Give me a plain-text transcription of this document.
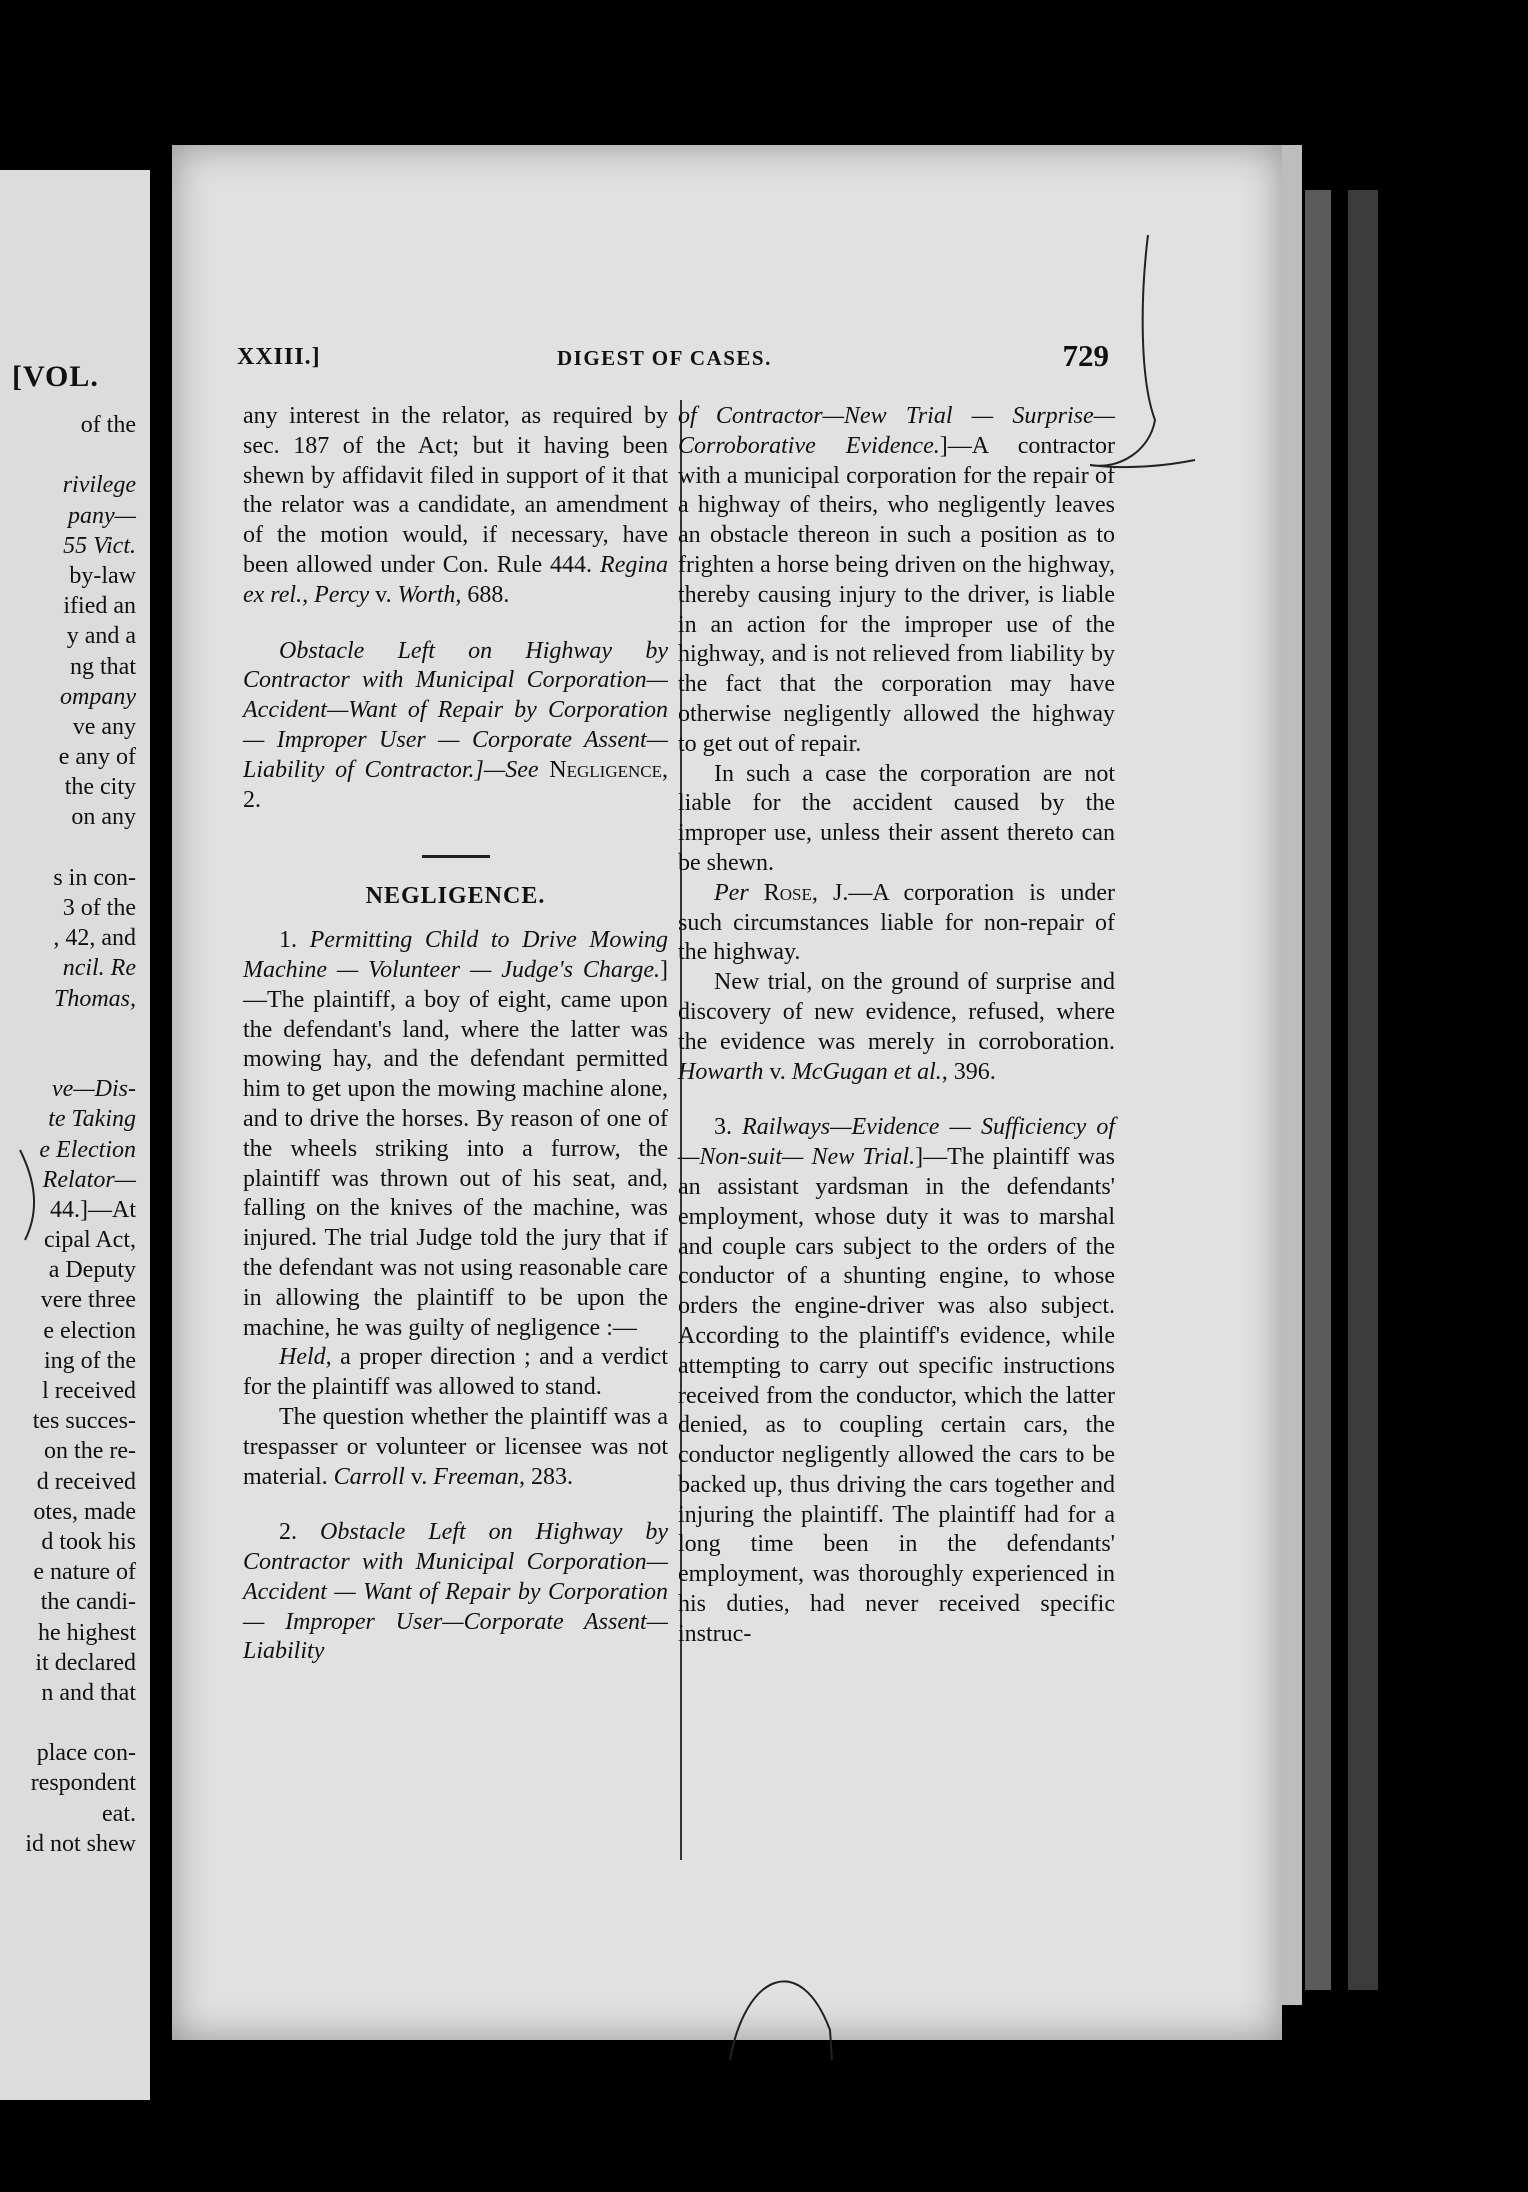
[VOL.
of the
rivilege
pany—
55 Vict.
by-law
ified an
y and a
ng that
ompany
ve any
e any of
the city
on any
s in con-
3 of the
, 42, and
ncil. Re
Thomas,
ve—Dis-
te Taking
e Election
Relator—
44.]—At
cipal Act,
a Deputy
vere three
e election
ing of the
l received
tes succes-
on the re-
d received
otes, made
d took his
e nature of
the candi-
he highest
it declared
n and that
place con-
respondent
eat.
id not shew
XXIII.]	DIGEST OF CASES.	729

any interest in the relator, as required by sec. 187 of the Act; but it having been shewn by affidavit filed in support of it that the relator was a candidate, an amendment of the motion would, if necessary, have been allowed under Con. Rule 444. Regina ex rel., Percy v. Worth, 688.

Obstacle Left on Highway by Contractor with Municipal Corporation—Accident—Want of Repair by Corporation — Improper User — Corporate Assent—Liability of Contractor.]—See Negligence, 2.

NEGLIGENCE.

1. Permitting Child to Drive Mowing Machine — Volunteer — Judge's Charge.]—The plaintiff, a boy of eight, came upon the defendant's land, where the latter was mowing hay, and the defendant permitted him to get upon the mowing machine alone, and to drive the horses. By reason of one of the wheels striking into a furrow, the plaintiff was thrown out of his seat, and, falling on the knives of the machine, was injured. The trial Judge told the jury that if the defendant was not using reasonable care in allowing the plaintiff to be upon the machine, he was guilty of negligence :—

Held, a proper direction ; and a verdict for the plaintiff was allowed to stand.

The question whether the plaintiff was a trespasser or volunteer or licensee was not material. Carroll v. Freeman, 283.

2. Obstacle Left on Highway by Contractor with Municipal Corporation—Accident — Want of Repair by Corporation — Improper User—Corporate Assent— Liability

of Contractor—New Trial — Surprise— Corroborative Evidence.]—A contractor with a municipal corporation for the repair of a highway of theirs, who negligently leaves an obstacle thereon in such a position as to frighten a horse being driven on the highway, thereby causing injury to the driver, is liable in an action for the improper use of the highway, and is not relieved from liability by the fact that the corporation may have otherwise negligently allowed the highway to get out of repair.

In such a case the corporation are not liable for the accident caused by the improper use, unless their assent thereto can be shewn.

Per Rose, J.—A corporation is under such circumstances liable for non-repair of the highway.

New trial, on the ground of surprise and discovery of new evidence, refused, where the evidence was merely in corroboration. Howarth v. McGugan et al., 396.

3. Railways—Evidence — Sufficiency of—Non-suit— New Trial.]—The plaintiff was an assistant yardsman in the defendants' employment, whose duty it was to marshal and couple cars subject to the orders of the conductor of a shunting engine, to whose orders the engine-driver was also subject. According to the plaintiff's evidence, while attempting to carry out specific instructions received from the conductor, which the latter denied, as to coupling certain cars, the conductor negligently allowed the cars to be backed up, thus driving the cars together and injuring the plaintiff. The plaintiff had for a long time been in the defendants' employment, was thoroughly experienced in his duties, had never received specific instruc-
